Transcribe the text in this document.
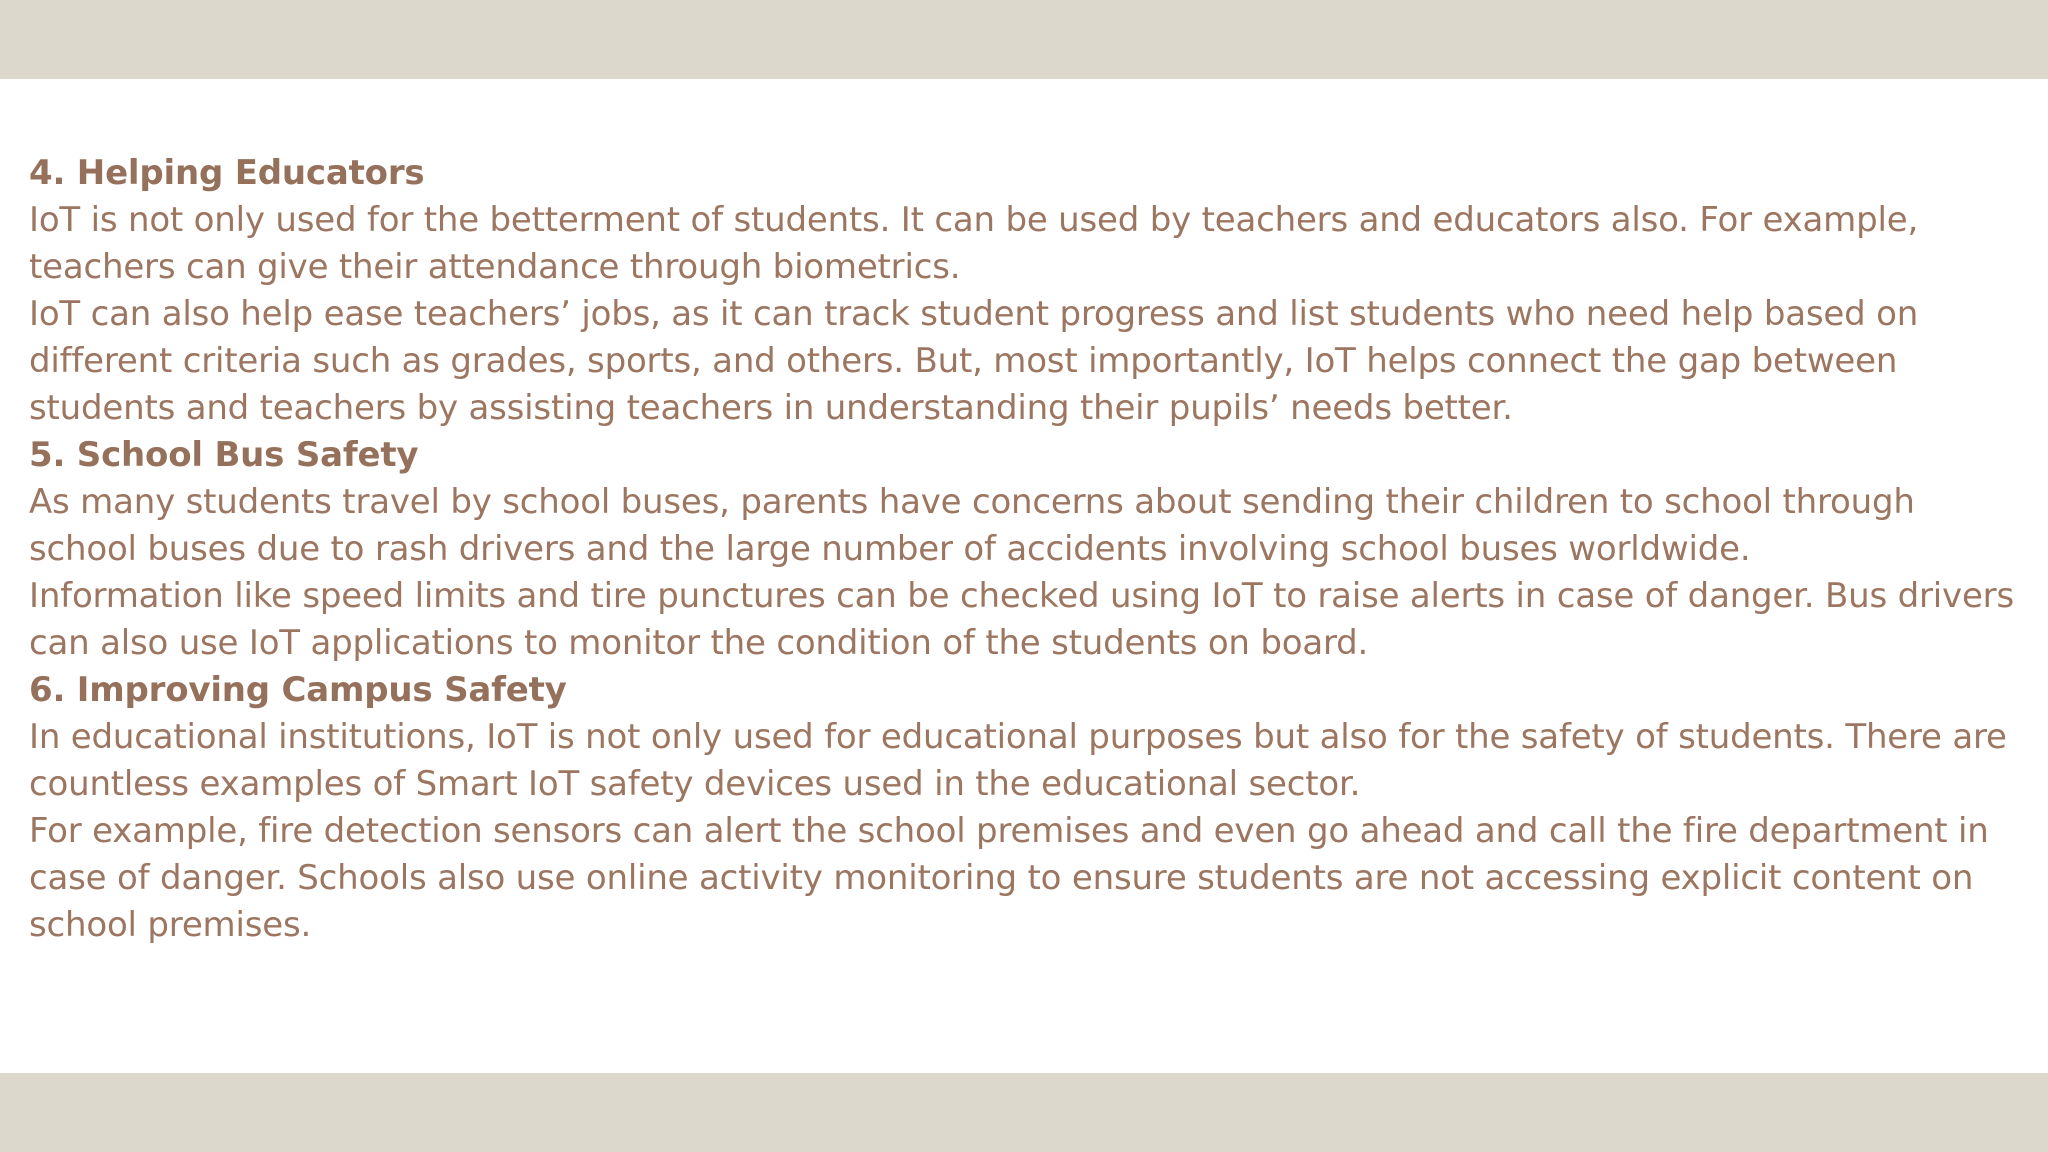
4. Helping Educators

IoT is not only used for the betterment of students. It can be used by teachers and educators also. For example, teachers can give their attendance through biometrics.

IoT can also help ease teachers’ jobs, as it can track student progress and list students who need help based on different criteria such as grades, sports, and others. But, most importantly, IoT helps connect the gap between students and teachers by assisting teachers in understanding their pupils’ needs better.

5. School Bus Safety

As many students travel by school buses, parents have concerns about sending their children to school through school buses due to rash drivers and the large number of accidents involving school buses worldwide.

Information like speed limits and tire punctures can be checked using IoT to raise alerts in case of danger. Bus drivers can also use IoT applications to monitor the condition of the students on board.

6. Improving Campus Safety

In educational institutions, IoT is not only used for educational purposes but also for the safety of students. There are countless examples of Smart IoT safety devices used in the educational sector.

For example, fire detection sensors can alert the school premises and even go ahead and call the fire department in case of danger. Schools also use online activity monitoring to ensure students are not accessing explicit content on school premises.
